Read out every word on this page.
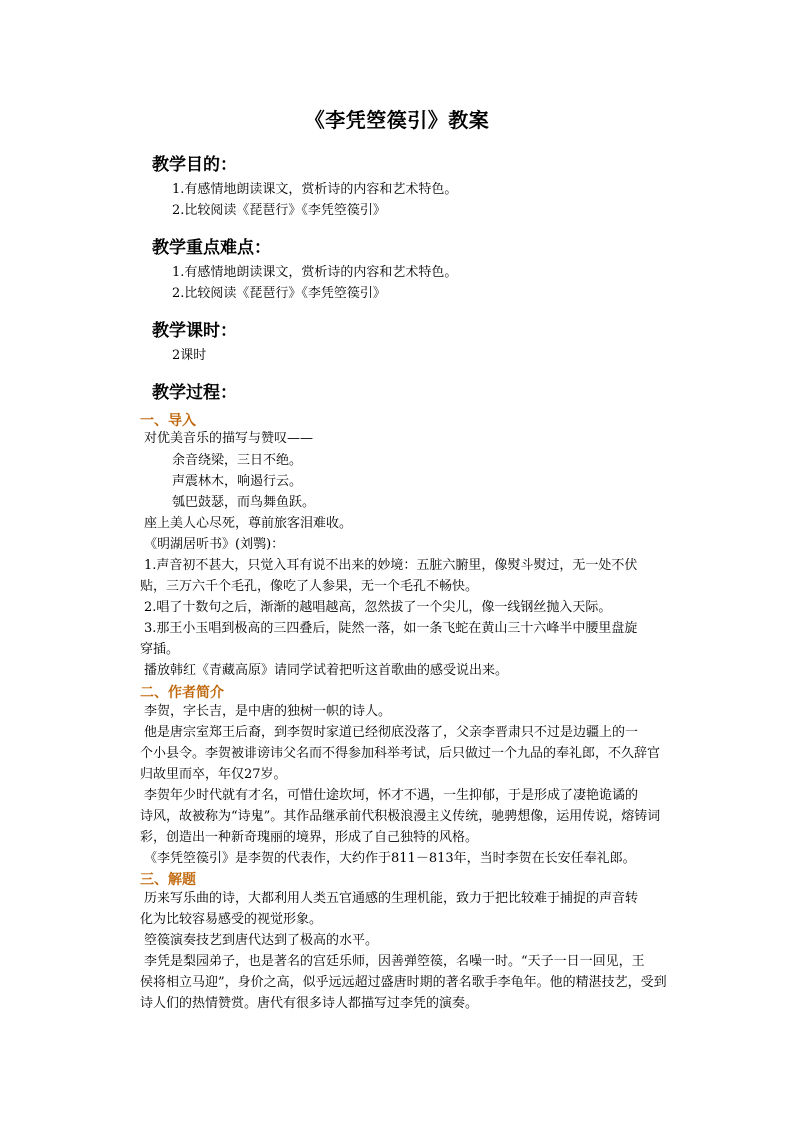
《李凭箜篌引》教案
教学目的：
1.有感情地朗读课文，赏析诗的内容和艺术特色。
2.比较阅读《琵琶行》《李凭箜篌引》
教学重点难点：
1.有感情地朗读课文，赏析诗的内容和艺术特色。
2.比较阅读《琵琶行》《李凭箜篌引》
教学课时：
2课时
教学过程：
一、导入
对优美音乐的描写与赞叹——
余音绕梁，三日不绝。
声震林木，响遏行云。
瓠巴鼓瑟，而鸟舞鱼跃。
座上美人心尽死，尊前旅客泪难收。
《明湖居听书》(刘鹗)：
1.声音初不甚大，只觉入耳有说不出来的妙境：五脏六腑里，像熨斗熨过，无一处不伏
贴，三万六千个毛孔，像吃了人参果，无一个毛孔不畅快。
2.唱了十数句之后，渐渐的越唱越高，忽然拔了一个尖儿，像一线钢丝抛入天际。
3.那王小玉唱到极高的三四叠后，陡然一落，如一条飞蛇在黄山三十六峰半中腰里盘旋
穿插。
播放韩红《青藏高原》请同学试着把听这首歌曲的感受说出来。
二、作者简介
李贺，字长吉，是中唐的独树一帜的诗人。
他是唐宗室郑王后裔，到李贺时家道已经彻底没落了，父亲李晋肃只不过是边疆上的一
个小县令。李贺被诽谤讳父名而不得参加科举考试，后只做过一个九品的奉礼郎，不久辞官
归故里而卒，年仅27岁。
李贺年少时代就有才名，可惜仕途坎坷，怀才不遇，一生抑郁，于是形成了凄艳诡谲的
诗风，故被称为“诗鬼”。其作品继承前代积极浪漫主义传统，驰骋想像，运用传说，熔铸词
彩，创造出一种新奇瑰丽的境界，形成了自己独特的风格。
《李凭箜篌引》是李贺的代表作，大约作于811－813年，当时李贺在长安任奉礼郎。
三、解题
历来写乐曲的诗，大都利用人类五官通感的生理机能，致力于把比较难于捕捉的声音转
化为比较容易感受的视觉形象。
箜篌演奏技艺到唐代达到了极高的水平。
李凭是梨园弟子，也是著名的宫廷乐师，因善弹箜篌，名噪一时。“天子一日一回见，王
侯将相立马迎”，身价之高，似乎远远超过盛唐时期的著名歌手李龟年。他的精湛技艺，受到
诗人们的热情赞赏。唐代有很多诗人都描写过李凭的演奏。
